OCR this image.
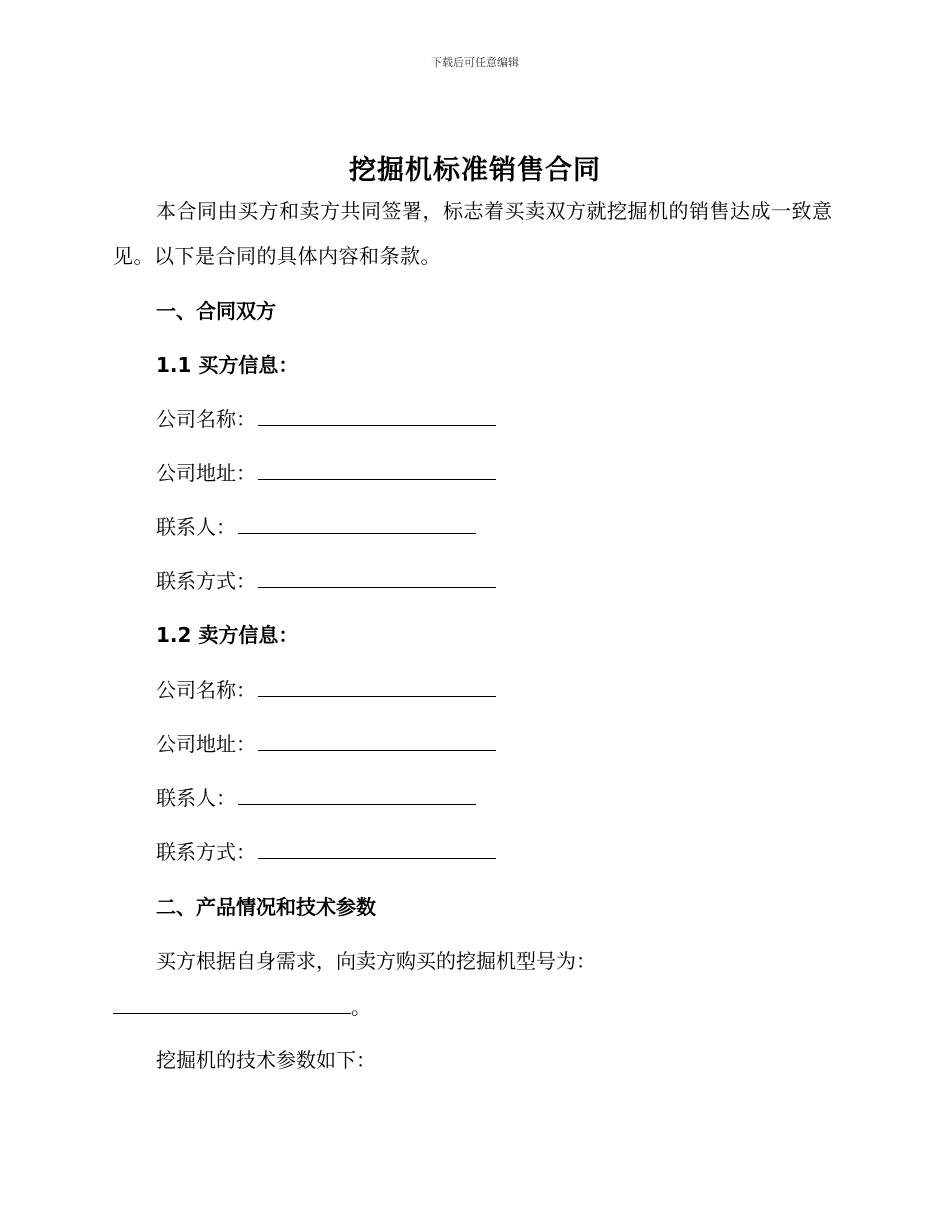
下载后可任意编辑
挖掘机标准销售合同
本合同由买方和卖方共同签署，标志着买卖双方就挖掘机的销售达成一致意见。以下是合同的具体内容和条款。
一、合同双方
1.1 买方信息：
公司名称：
公司地址：
联系人：
联系方式：
1.2 卖方信息：
公司名称：
公司地址：
联系人：
联系方式：
二、产品情况和技术参数
买方根据自身需求，向卖方购买的挖掘机型号为：
。
挖掘机的技术参数如下：
